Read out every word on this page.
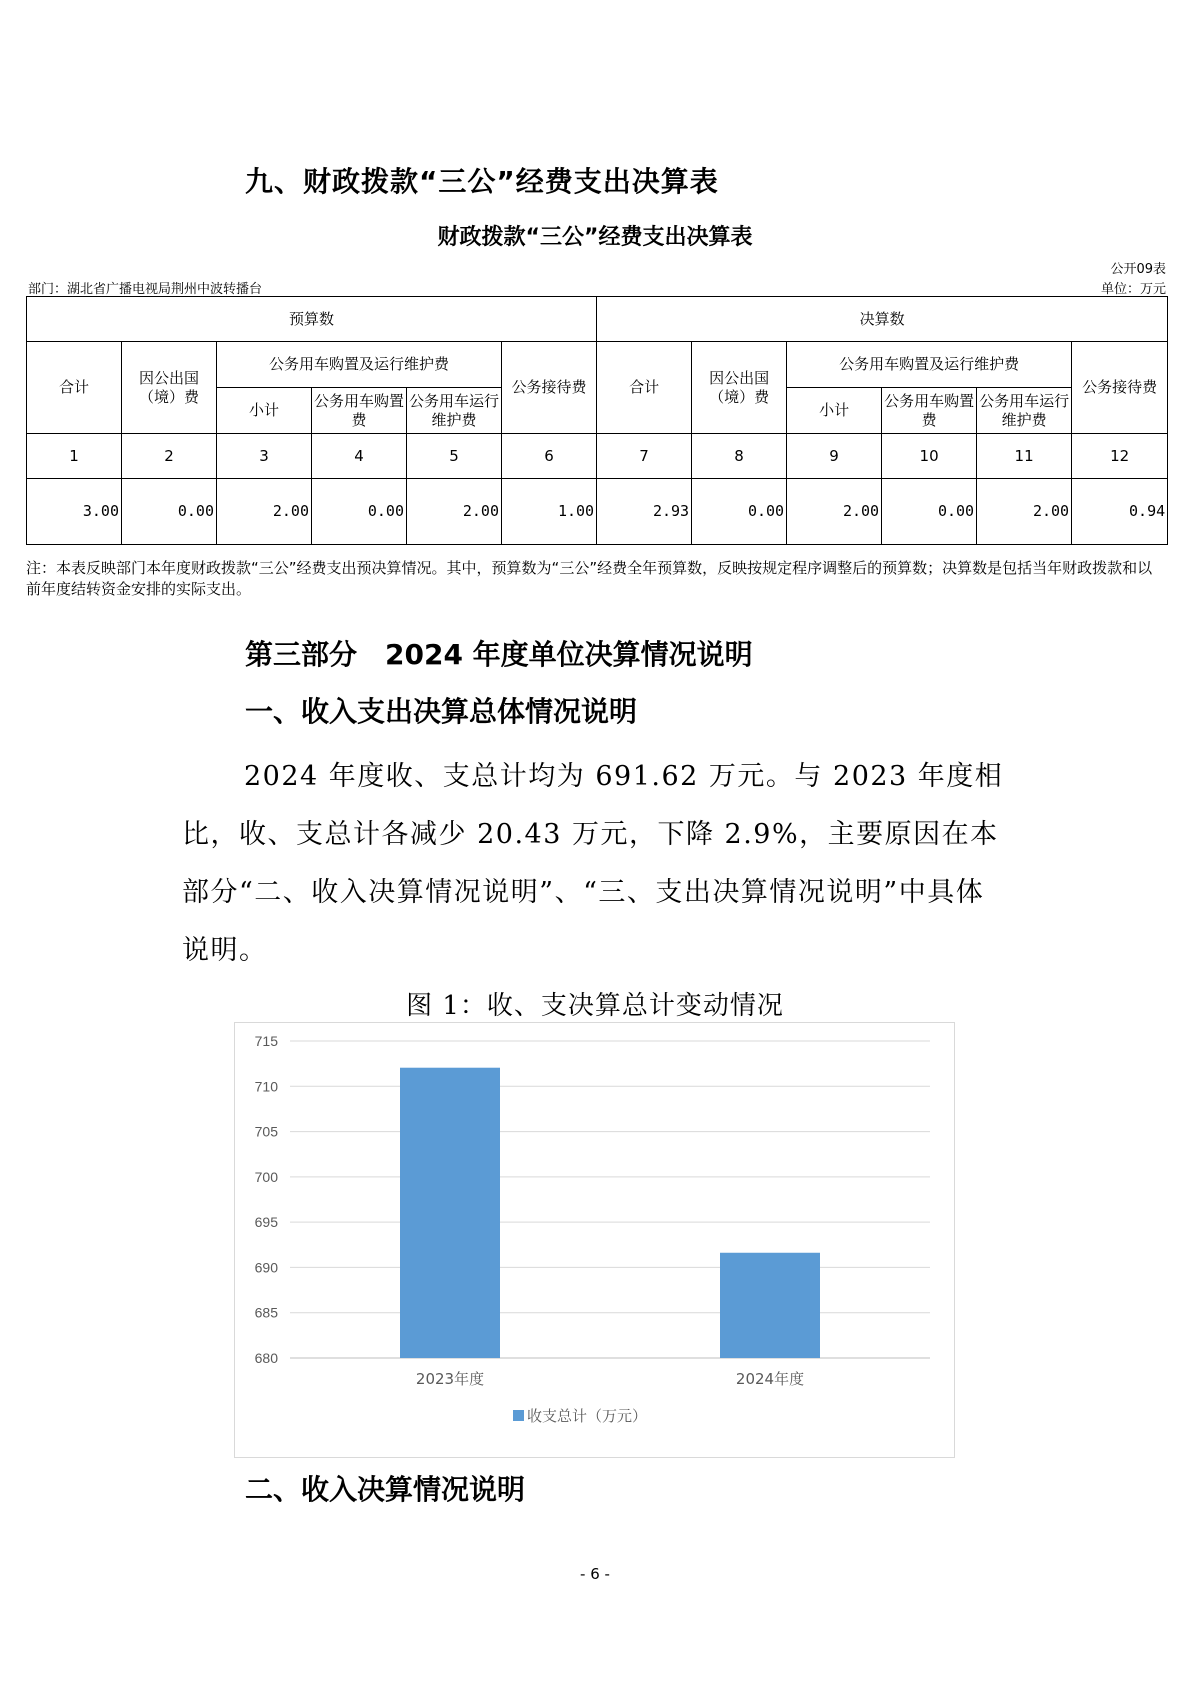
九、财政拨款“三公”经费支出决算表
财政拨款“三公”经费支出决算表
公开09表
部门：湖北省广播电视局荆州中波转播台	单位：万元
预算数						决算数					
合计	因公出国（境）费	公务用车购置及运行维护费			公务接待费	合计	因公出国（境）费	公务用车购置及运行维护费			公务接待费
		小计	公务用车购置费	公务用车运行维护费				小计	公务用车购置费	公务用车运行维护费	
1	2	3	4	5	6	7	8	9	10	11	12
3.00	0.00	2.00	0.00	2.00	1.00	2.93	0.00	2.00	0.00	2.00	0.94
注：本表反映部门本年度财政拨款“三公”经费支出预决算情况。其中，预算数为“三公”经费全年预算数，反映按规定程序调整后的预算数；决算数是包括当年财政拨款和以前年度结转资金安排的实际支出。
第三部分　2024 年度单位决算情况说明
一、收入支出决算总体情况说明
2024 年度收、支总计均为 691.62 万元。与 2023 年度相比，收、支总计各减少 20.43 万元，下降 2.9%，主要原因在本部分“二、收入决算情况说明”、“三、支出决算情况说明”中具体说明。
图 1：收、支决算总计变动情况
715
710
705
700
695
690
685
680
2023年度	2024年度
收支总计（万元）
二、收入决算情况说明
- 6 -
